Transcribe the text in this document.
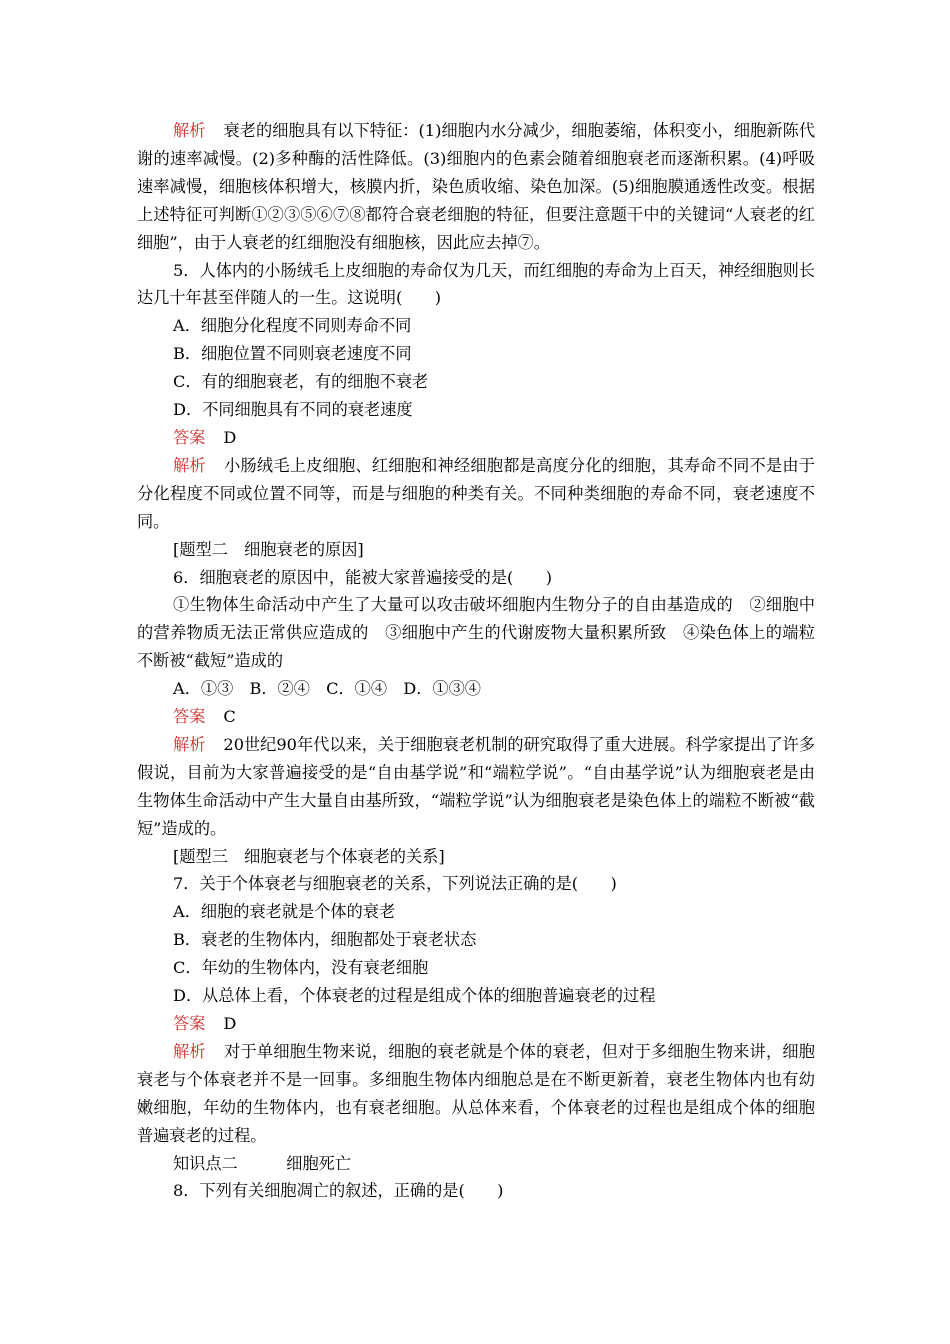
解析 衰老的细胞具有以下特征：(1)细胞内水分减少，细胞萎缩，体积变小，细胞新陈代谢的速率减慢。(2)多种酶的活性降低。(3)细胞内的色素会随着细胞衰老而逐渐积累。(4)呼吸速率减慢，细胞核体积增大，核膜内折，染色质收缩、染色加深。(5)细胞膜通透性改变。根据上述特征可判断①②③⑤⑥⑦⑧都符合衰老细胞的特征，但要注意题干中的关键词“人衰老的红细胞”，由于人衰老的红细胞没有细胞核，因此应去掉⑦。

5．人体内的小肠绒毛上皮细胞的寿命仅为几天，而红细胞的寿命为上百天，神经细胞则长达几十年甚至伴随人的一生。这说明(　　)

A．细胞分化程度不同则寿命不同

B．细胞位置不同则衰老速度不同

C．有的细胞衰老，有的细胞不衰老

D．不同细胞具有不同的衰老速度

答案 D

解析 小肠绒毛上皮细胞、红细胞和神经细胞都是高度分化的细胞，其寿命不同不是由于分化程度不同或位置不同等，而是与细胞的种类有关。不同种类细胞的寿命不同，衰老速度不同。

[题型二　细胞衰老的原因]

6．细胞衰老的原因中，能被大家普遍接受的是(　　)

①生物体生命活动中产生了大量可以攻击破坏细胞内生物分子的自由基造成的　②细胞中的营养物质无法正常供应造成的　③细胞中产生的代谢废物大量积累所致　④染色体上的端粒不断被“截短”造成的

A．①③　B．②④　C．①④　D．①③④

答案 C

解析 20世纪90年代以来，关于细胞衰老机制的研究取得了重大进展。科学家提出了许多假说，目前为大家普遍接受的是“自由基学说”和“端粒学说”。“自由基学说”认为细胞衰老是由生物体生命活动中产生大量自由基所致，“端粒学说”认为细胞衰老是染色体上的端粒不断被“截短”造成的。

[题型三　细胞衰老与个体衰老的关系]

7．关于个体衰老与细胞衰老的关系，下列说法正确的是(　　)

A．细胞的衰老就是个体的衰老

B．衰老的生物体内，细胞都处于衰老状态

C．年幼的生物体内，没有衰老细胞

D．从总体上看，个体衰老的过程是组成个体的细胞普遍衰老的过程

答案 D

解析 对于单细胞生物来说，细胞的衰老就是个体的衰老，但对于多细胞生物来讲，细胞衰老与个体衰老并不是一回事。多细胞生物体内细胞总是在不断更新着，衰老生物体内也有幼嫩细胞，年幼的生物体内，也有衰老细胞。从总体来看，个体衰老的过程也是组成个体的细胞普遍衰老的过程。

知识点二　　　细胞死亡

8．下列有关细胞凋亡的叙述，正确的是(　　)
